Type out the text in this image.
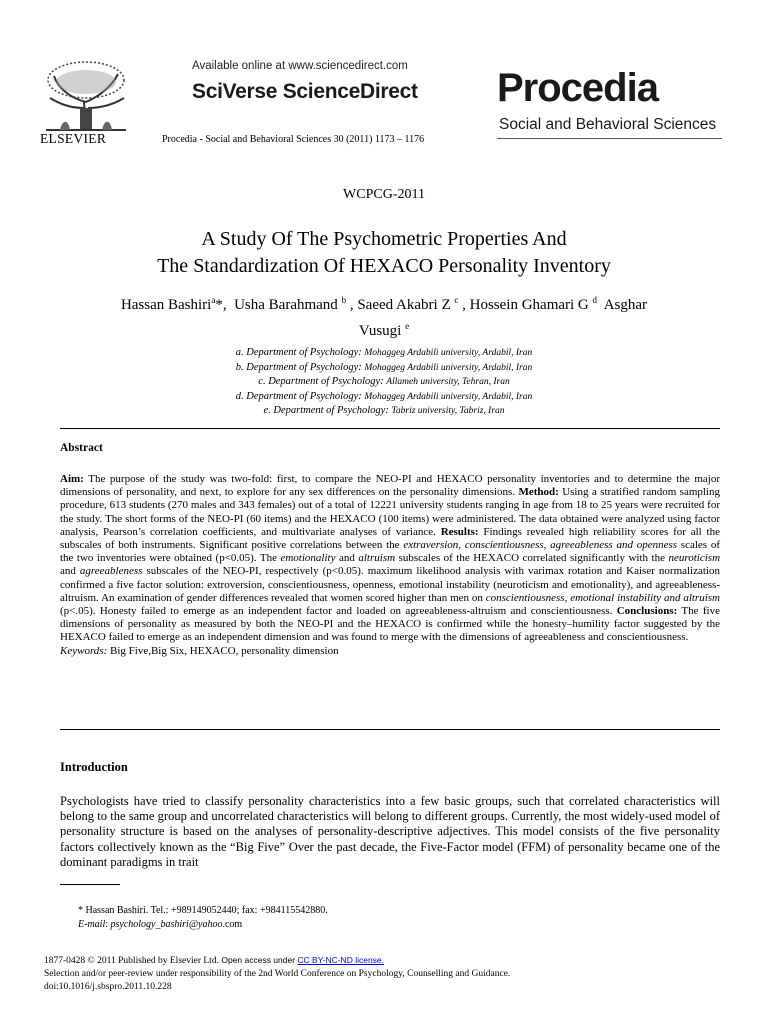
ELSEVIER
Available online at www.sciencedirect.com
SciVerse ScienceDirect
Procedia - Social and Behavioral Sciences 30 (2011) 1173 – 1176
Procedia
Social and Behavioral Sciences
WCPCG-2011
A Study Of The Psychometric Properties And
The Standardization Of HEXACO Personality Inventory
Hassan Bashiri$^a$*,  Usha Barahmand $^b$ , Saeed Akabri Z $^c$ , Hossein Ghamari G $^d$ Asghar
Vusugi $^e$
a. Department of Psychology: Mohaggeg Ardabili university, Ardabil, Iran
b. Department of Psychology: Mohaggeg Ardabili university, Ardabil, Iran
c. Department of Psychology: Allameh university, Tehran, Iran
d. Department of Psychology: Mohaggeg Ardabili university, Ardabil, Iran
e. Department of Psychology: Tabriz university, Tabriz, Iran
Abstract
Aim: The purpose of the study was two-fold: first, to compare the NEO-PI and HEXACO personality inventories and to determine the major dimensions of personality, and next, to explore for any sex differences on the personality dimensions. Method: Using a stratified random sampling procedure, 613 students (270 males and 343 females) out of a total of 12221 university students ranging in age from 18 to 25 years were recruited for the study. The short forms of the NEO-PI (60 items) and the HEXACO (100 items) were administered. The data obtained were analyzed using factor analysis, Pearson’s correlation coefficients, and multivariate analyses of variance. Results: Findings revealed high reliability scores for all the subscales of both instruments. Significant positive correlations between the extraversion, conscientiousness, agreeableness and openness scales of the two inventories were obtained (p<0.05). The emotionality and altruism subscales of the HEXACO correlated significantly with the neuroticism and agreeableness subscales of the NEO-PI, respectively (p<0.05). maximum likelihood analysis with varimax rotation and Kaiser normalization confirmed a five factor solution: extroversion, conscientiousness, openness, emotional instability (neuroticism and emotionality), and agreeableness-altruism. An examination of gender differences revealed that women scored higher than men on conscientiousness, emotional instability and altruism (p<.05). Honesty failed to emerge as an independent factor and loaded on agreeableness-altruism and conscientiousness. Conclusions: The five dimensions of personality as measured by both the NEO-PI and the HEXACO is confirmed while the honesty–humility factor suggested by the HEXACO failed to emerge as an independent dimension and was found to merge with the dimensions of agreeableness and conscientiousness.
Keywords: Big Five,Big Six, HEXACO, personality dimension
Introduction
Psychologists have tried to classify personality characteristics into a few basic groups, such that correlated characteristics will belong to the same group and uncorrelated characteristics will belong to different groups. Currently, the most widely-used model of personality structure is based on the analyses of personality-descriptive adjectives. This model consists of the five personality factors collectively known as the “Big Five” Over the past decade, the Five-Factor model (FFM) of personality became one of the dominant paradigms in trait
* Hassan Bashiri. Tel.: +989149052440; fax: +984115542880.
E-mail: psychology_bashiri@yahoo.com
1877-0428 © 2011 Published by Elsevier Ltd. Open access under CC BY-NC-ND license.
Selection and/or peer-review under responsibility of the 2nd World Conference on Psychology, Counselling and Guidance.
doi:10.1016/j.sbspro.2011.10.228
